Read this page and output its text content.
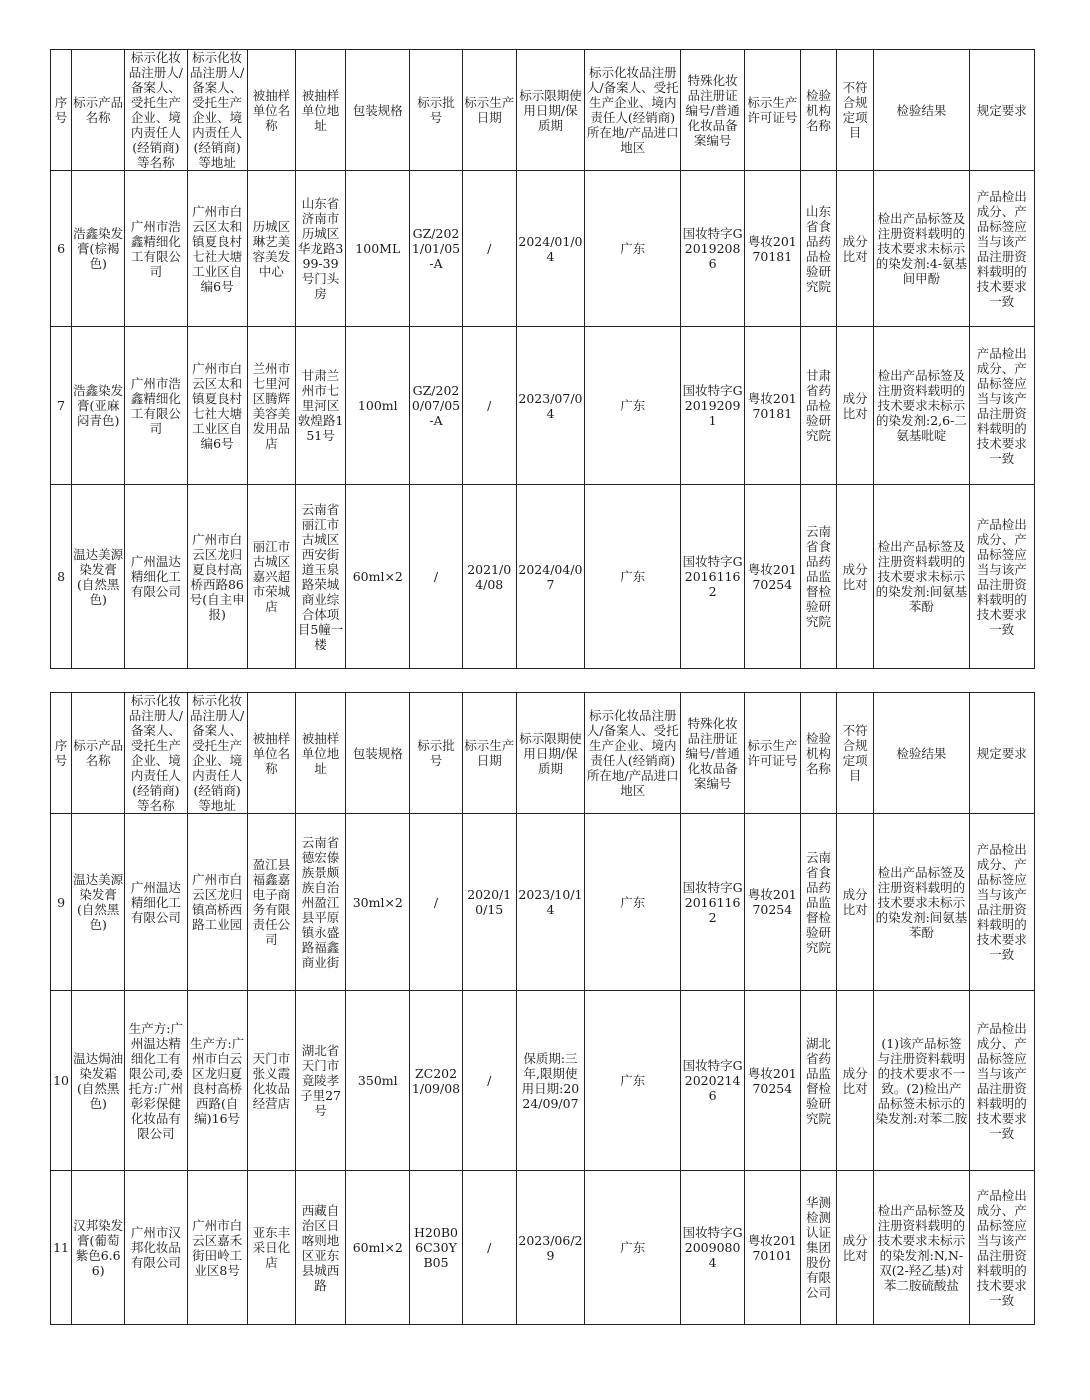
序号	标示产品名称	标示化妆品注册人/备案人、受托生产企业、境内责任人(经销商)等名称	标示化妆品注册人/备案人、受托生产企业、境内责任人(经销商)等地址	被抽样单位名称	被抽样单位地址	包装规格	标示批号	标示生产日期	标示限期使用日期/保质期	标示化妆品注册人/备案人、受托生产企业、境内责任人(经销商)所在地/产品进口地区	特殊化妆品注册证编号/普通化妆品备案编号	标示生产许可证号	检验机构名称	不符合规定项目	检验结果	规定要求
6	浩鑫染发膏(棕褐色)	广州市浩鑫精细化工有限公司	广州市白云区太和镇夏良村七社大塘工业区自编6号	历城区琳艺美容美发中心	山东省济南市历城区华龙路399-39号门头房	100ML	GZ/2021/01/05-A	/	2024/01/04	广东	国妆特字G20192086	粤妆20170181	山东省食品药品检验研究院	成分比对	检出产品标签及注册资料载明的技术要求未标示的染发剂:4-氨基间甲酚	产品检出成分、产品标签应当与该产品注册资料载明的技术要求一致
7	浩鑫染发膏(亚麻闷青色)	广州市浩鑫精细化工有限公司	广州市白云区太和镇夏良村七社大塘工业区自编6号	兰州市七里河区腾辉美容美发用品店	甘肃兰州市七里河区敦煌路151号	100ml	GZ/2020/07/05-A	/	2023/07/04	广东	国妆特字G20192091	粤妆20170181	甘肃省药品检验研究院	成分比对	检出产品标签及注册资料载明的技术要求未标示的染发剂:2,6-二氨基吡啶	产品检出成分、产品标签应当与该产品注册资料载明的技术要求一致
8	温达美源染发膏(自然黑色)	广州温达精细化工有限公司	广州市白云区龙归夏良村高桥西路86号(自主申报)	丽江市古城区嘉兴超市荣城店	云南省丽江市古城区西安街道玉泉路荣城商业综合体项目5幢一楼	60ml×2	/	2021/04/08	2024/04/07	广东	国妆特字G20161162	粤妆20170254	云南省食品药品监督检验研究院	成分比对	检出产品标签及注册资料载明的技术要求未标示的染发剂:间氨基苯酚	产品检出成分、产品标签应当与该产品注册资料载明的技术要求一致
序号	标示产品名称	标示化妆品注册人/备案人、受托生产企业、境内责任人(经销商)等名称	标示化妆品注册人/备案人、受托生产企业、境内责任人(经销商)等地址	被抽样单位名称	被抽样单位地址	包装规格	标示批号	标示生产日期	标示限期使用日期/保质期	标示化妆品注册人/备案人、受托生产企业、境内责任人(经销商)所在地/产品进口地区	特殊化妆品注册证编号/普通化妆品备案编号	标示生产许可证号	检验机构名称	不符合规定项目	检验结果	规定要求
9	温达美源染发膏(自然黑色)	广州温达精细化工有限公司	广州市白云区龙归镇高桥西路工业园	盈江县福鑫嘉电子商务有限责任公司	云南省德宏傣族景颇族自治州盈江县平原镇永盛路福鑫商业街	30ml×2	/	2020/10/15	2023/10/14	广东	国妆特字G20161162	粤妆20170254	云南省食品药品监督检验研究院	成分比对	检出产品标签及注册资料载明的技术要求未标示的染发剂:间氨基苯酚	产品检出成分、产品标签应当与该产品注册资料载明的技术要求一致
10	温达焗油染发霜(自然黑色)	生产方:广州温达精细化工有限公司,委托方:广州彰彩保健化妆品有限公司	生产方:广州市白云区龙归夏良村高桥西路(自编)16号	天门市张义霞化妆品经营店	湖北省天门市竟陵孝子里27号	350ml	ZC2021/09/08	/	保质期:三年,限期使用日期:2024/09/07	广东	国妆特字G20202146	粤妆20170254	湖北省药品监督检验研究院	成分比对	(1)该产品标签与注册资料载明的技术要求不一致。(2)检出产品标签未标示的染发剂:对苯二胺	产品检出成分、产品标签应当与该产品注册资料载明的技术要求一致
11	汉邦染发膏(葡萄紫色6.66)	广州市汉邦化妆品有限公司	广州市白云区嘉禾街田岭工业区8号	亚东丰采日化店	西藏自治区日喀则地区亚东县城西路	60ml×2	H20B06C30YB05	/	2023/06/29	广东	国妆特字G20090804	粤妆20170101	华测检测认证集团股份有限公司	成分比对	检出产品标签及注册资料载明的技术要求未标示的染发剂:N,N-双(2-羟乙基)对苯二胺硫酸盐	产品检出成分、产品标签应当与该产品注册资料载明的技术要求一致
